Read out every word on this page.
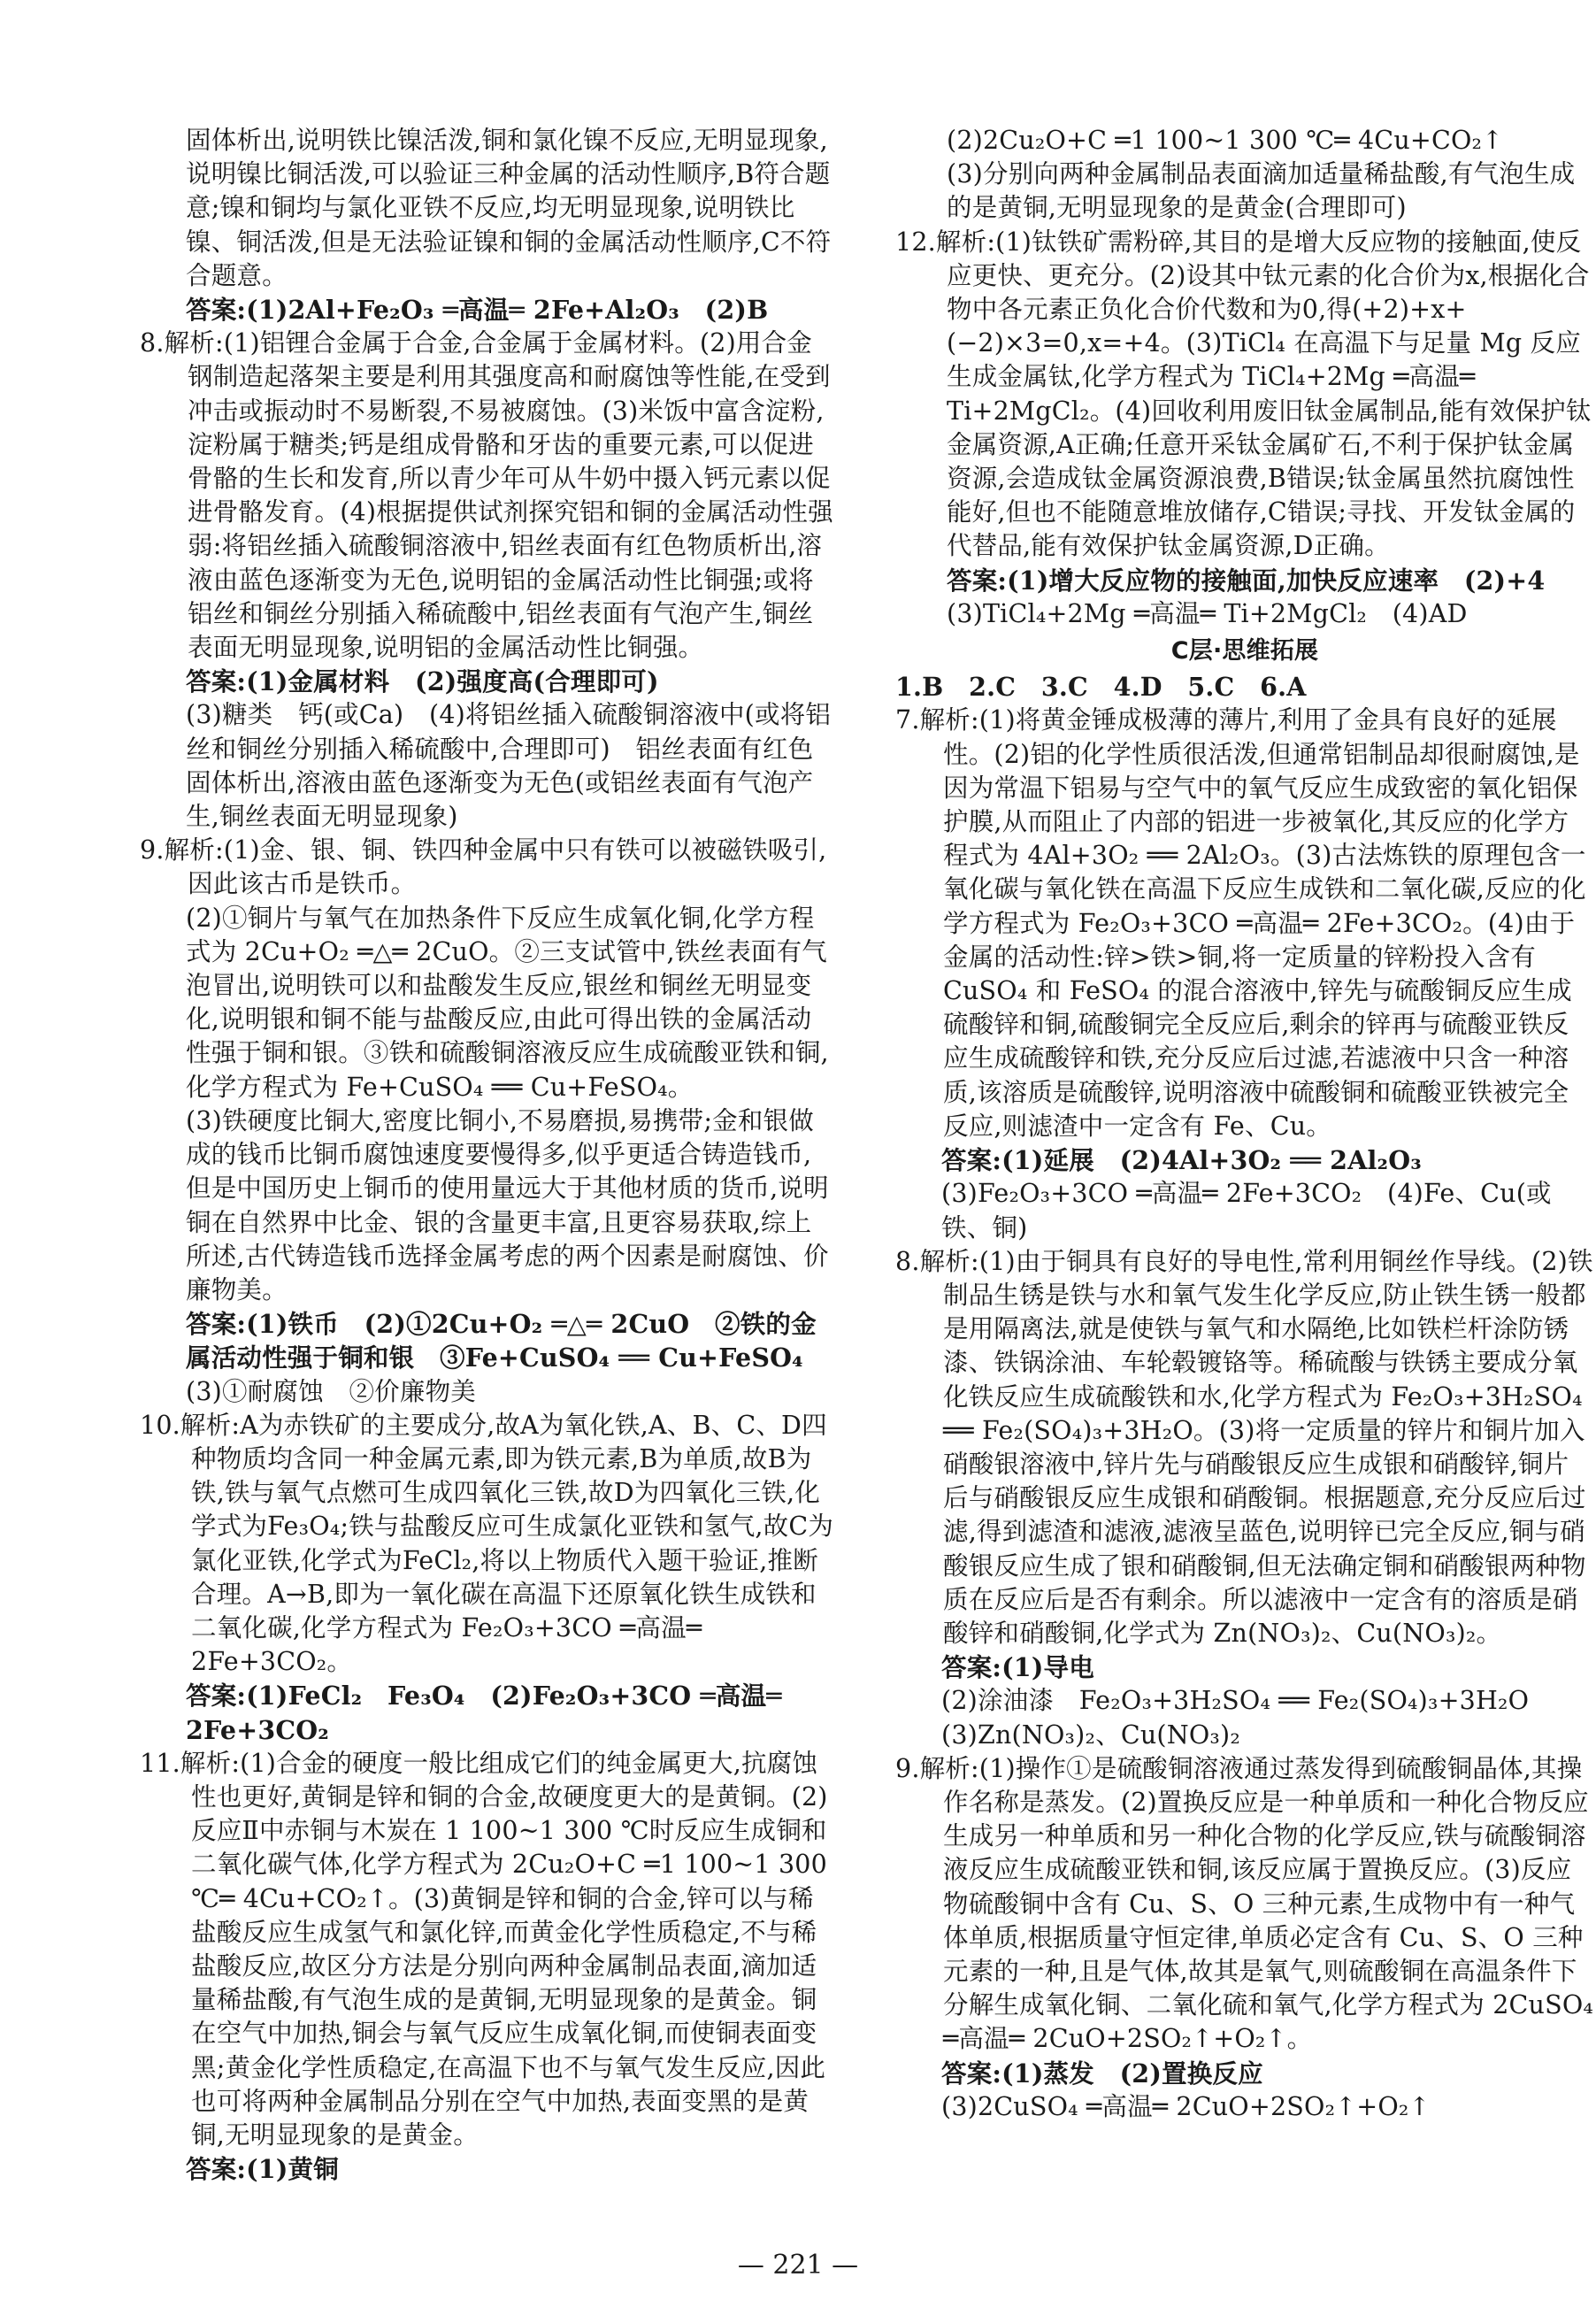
固体析出,说明铁比镍活泼,铜和氯化镍不反应,无明显现象,说明镍比铜活泼,可以验证三种金属的活动性顺序,B符合题意;镍和铜均与氯化亚铁不反应,均无明显现象,说明铁比镍、铜活泼,但是无法验证镍和铜的金属活动性顺序,C不符合题意。
答案:(1)2Al+Fe₂O₃ ═高温═ 2Fe+Al₂O₃　(2)B
8.解析:(1)铝锂合金属于合金,合金属于金属材料。(2)用合金钢制造起落架主要是利用其强度高和耐腐蚀等性能,在受到冲击或振动时不易断裂,不易被腐蚀。(3)米饭中富含淀粉,淀粉属于糖类;钙是组成骨骼和牙齿的重要元素,可以促进骨骼的生长和发育,所以青少年可从牛奶中摄入钙元素以促进骨骼发育。(4)根据提供试剂探究铝和铜的金属活动性强弱:将铝丝插入硫酸铜溶液中,铝丝表面有红色物质析出,溶液由蓝色逐渐变为无色,说明铝的金属活动性比铜强;或将铝丝和铜丝分别插入稀硫酸中,铝丝表面有气泡产生,铜丝表面无明显现象,说明铝的金属活动性比铜强。
答案:(1)金属材料　(2)强度高(合理即可)
(3)糖类　钙(或Ca)　(4)将铝丝插入硫酸铜溶液中(或将铝丝和铜丝分别插入稀硫酸中,合理即可)　铝丝表面有红色固体析出,溶液由蓝色逐渐变为无色(或铝丝表面有气泡产生,铜丝表面无明显现象)
9.解析:(1)金、银、铜、铁四种金属中只有铁可以被磁铁吸引,因此该古币是铁币。
(2)①铜片与氧气在加热条件下反应生成氧化铜,化学方程式为 2Cu+O₂ ═△═ 2CuO。②三支试管中,铁丝表面有气泡冒出,说明铁可以和盐酸发生反应,银丝和铜丝无明显变化,说明银和铜不能与盐酸反应,由此可得出铁的金属活动性强于铜和银。③铁和硫酸铜溶液反应生成硫酸亚铁和铜,化学方程式为 Fe+CuSO₄ ══ Cu+FeSO₄。
(3)铁硬度比铜大,密度比铜小,不易磨损,易携带;金和银做成的钱币比铜币腐蚀速度要慢得多,似乎更适合铸造钱币,但是中国历史上铜币的使用量远大于其他材质的货币,说明铜在自然界中比金、银的含量更丰富,且更容易获取,综上所述,古代铸造钱币选择金属考虑的两个因素是耐腐蚀、价廉物美。
答案:(1)铁币　(2)①2Cu+O₂ ═△═ 2CuO　②铁的金属活动性强于铜和银　③Fe+CuSO₄ ══ Cu+FeSO₄
(3)①耐腐蚀　②价廉物美
10.解析:A为赤铁矿的主要成分,故A为氧化铁,A、B、C、D四种物质均含同一种金属元素,即为铁元素,B为单质,故B为铁,铁与氧气点燃可生成四氧化三铁,故D为四氧化三铁,化学式为Fe₃O₄;铁与盐酸反应可生成氯化亚铁和氢气,故C为氯化亚铁,化学式为FeCl₂,将以上物质代入题干验证,推断合理。A→B,即为一氧化碳在高温下还原氧化铁生成铁和二氧化碳,化学方程式为 Fe₂O₃+3CO ═高温═ 2Fe+3CO₂。
答案:(1)FeCl₂　Fe₃O₄　(2)Fe₂O₃+3CO ═高温═ 2Fe+3CO₂
11.解析:(1)合金的硬度一般比组成它们的纯金属更大,抗腐蚀性也更好,黄铜是锌和铜的合金,故硬度更大的是黄铜。(2)反应Ⅱ中赤铜与木炭在 1 100~1 300 ℃时反应生成铜和二氧化碳气体,化学方程式为 2Cu₂O+C ═1 100~1 300 ℃═ 4Cu+CO₂↑。(3)黄铜是锌和铜的合金,锌可以与稀盐酸反应生成氢气和氯化锌,而黄金化学性质稳定,不与稀盐酸反应,故区分方法是分别向两种金属制品表面,滴加适量稀盐酸,有气泡生成的是黄铜,无明显现象的是黄金。铜在空气中加热,铜会与氧气反应生成氧化铜,而使铜表面变黑;黄金化学性质稳定,在高温下也不与氧气发生反应,因此也可将两种金属制品分别在空气中加热,表面变黑的是黄铜,无明显现象的是黄金。
答案:(1)黄铜
(2)2Cu₂O+C ═1 100~1 300 ℃═ 4Cu+CO₂↑
(3)分别向两种金属制品表面滴加适量稀盐酸,有气泡生成的是黄铜,无明显现象的是黄金(合理即可)
12.解析:(1)钛铁矿需粉碎,其目的是增大反应物的接触面,使反应更快、更充分。(2)设其中钛元素的化合价为x,根据化合物中各元素正负化合价代数和为0,得(+2)+x+(−2)×3=0,x=+4。(3)TiCl₄ 在高温下与足量 Mg 反应生成金属钛,化学方程式为 TiCl₄+2Mg ═高温═ Ti+2MgCl₂。(4)回收利用废旧钛金属制品,能有效保护钛金属资源,A正确;任意开采钛金属矿石,不利于保护钛金属资源,会造成钛金属资源浪费,B错误;钛金属虽然抗腐蚀性能好,但也不能随意堆放储存,C错误;寻找、开发钛金属的代替品,能有效保护钛金属资源,D正确。
答案:(1)增大反应物的接触面,加快反应速率　(2)+4
(3)TiCl₄+2Mg ═高温═ Ti+2MgCl₂　(4)AD
C层·思维拓展
1.B　2.C　3.C　4.D　5.C　6.A
7.解析:(1)将黄金锤成极薄的薄片,利用了金具有良好的延展性。(2)铝的化学性质很活泼,但通常铝制品却很耐腐蚀,是因为常温下铝易与空气中的氧气反应生成致密的氧化铝保护膜,从而阻止了内部的铝进一步被氧化,其反应的化学方程式为 4Al+3O₂ ══ 2Al₂O₃。(3)古法炼铁的原理包含一氧化碳与氧化铁在高温下反应生成铁和二氧化碳,反应的化学方程式为 Fe₂O₃+3CO ═高温═ 2Fe+3CO₂。(4)由于金属的活动性:锌>铁>铜,将一定质量的锌粉投入含有 CuSO₄ 和 FeSO₄ 的混合溶液中,锌先与硫酸铜反应生成硫酸锌和铜,硫酸铜完全反应后,剩余的锌再与硫酸亚铁反应生成硫酸锌和铁,充分反应后过滤,若滤液中只含一种溶质,该溶质是硫酸锌,说明溶液中硫酸铜和硫酸亚铁被完全反应,则滤渣中一定含有 Fe、Cu。
答案:(1)延展　(2)4Al+3O₂ ══ 2Al₂O₃
(3)Fe₂O₃+3CO ═高温═ 2Fe+3CO₂　(4)Fe、Cu(或铁、铜)
8.解析:(1)由于铜具有良好的导电性,常利用铜丝作导线。(2)铁制品生锈是铁与水和氧气发生化学反应,防止铁生锈一般都是用隔离法,就是使铁与氧气和水隔绝,比如铁栏杆涂防锈漆、铁锅涂油、车轮毂镀铬等。稀硫酸与铁锈主要成分氧化铁反应生成硫酸铁和水,化学方程式为 Fe₂O₃+3H₂SO₄ ══ Fe₂(SO₄)₃+3H₂O。(3)将一定质量的锌片和铜片加入硝酸银溶液中,锌片先与硝酸银反应生成银和硝酸锌,铜片后与硝酸银反应生成银和硝酸铜。根据题意,充分反应后过滤,得到滤渣和滤液,滤液呈蓝色,说明锌已完全反应,铜与硝酸银反应生成了银和硝酸铜,但无法确定铜和硝酸银两种物质在反应后是否有剩余。所以滤液中一定含有的溶质是硝酸锌和硝酸铜,化学式为 Zn(NO₃)₂、Cu(NO₃)₂。
答案:(1)导电
(2)涂油漆　Fe₂O₃+3H₂SO₄ ══ Fe₂(SO₄)₃+3H₂O
(3)Zn(NO₃)₂、Cu(NO₃)₂
9.解析:(1)操作①是硫酸铜溶液通过蒸发得到硫酸铜晶体,其操作名称是蒸发。(2)置换反应是一种单质和一种化合物反应生成另一种单质和另一种化合物的化学反应,铁与硫酸铜溶液反应生成硫酸亚铁和铜,该反应属于置换反应。(3)反应物硫酸铜中含有 Cu、S、O 三种元素,生成物中有一种气体单质,根据质量守恒定律,单质必定含有 Cu、S、O 三种元素的一种,且是气体,故其是氧气,则硫酸铜在高温条件下分解生成氧化铜、二氧化硫和氧气,化学方程式为 2CuSO₄ ═高温═ 2CuO+2SO₂↑+O₂↑。
答案:(1)蒸发　(2)置换反应
(3)2CuSO₄ ═高温═ 2CuO+2SO₂↑+O₂↑
— 221 —
